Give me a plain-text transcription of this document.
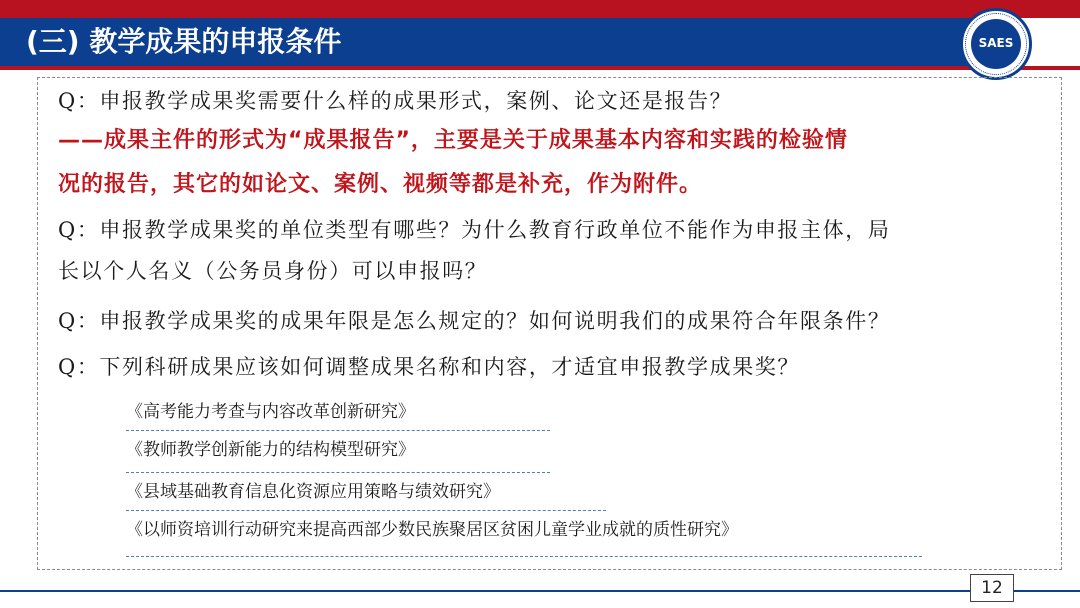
(三) 教学成果的申报条件	SAES
Q：申报教学成果奖需要什么样的成果形式，案例、论文还是报告？
——成果主件的形式为“成果报告”，主要是关于成果基本内容和实践的检验情
况的报告，其它的如论文、案例、视频等都是补充，作为附件。
Q：申报教学成果奖的单位类型有哪些？为什么教育行政单位不能作为申报主体，局
长以个人名义（公务员身份）可以申报吗？
Q：申报教学成果奖的成果年限是怎么规定的？如何说明我们的成果符合年限条件？
Q：下列科研成果应该如何调整成果名称和内容，才适宜申报教学成果奖？
《高考能力考查与内容改革创新研究》
《教师教学创新能力的结构模型研究》
《县域基础教育信息化资源应用策略与绩效研究》
《以师资培训行动研究来提高西部少数民族聚居区贫困儿童学业成就的质性研究》
12
